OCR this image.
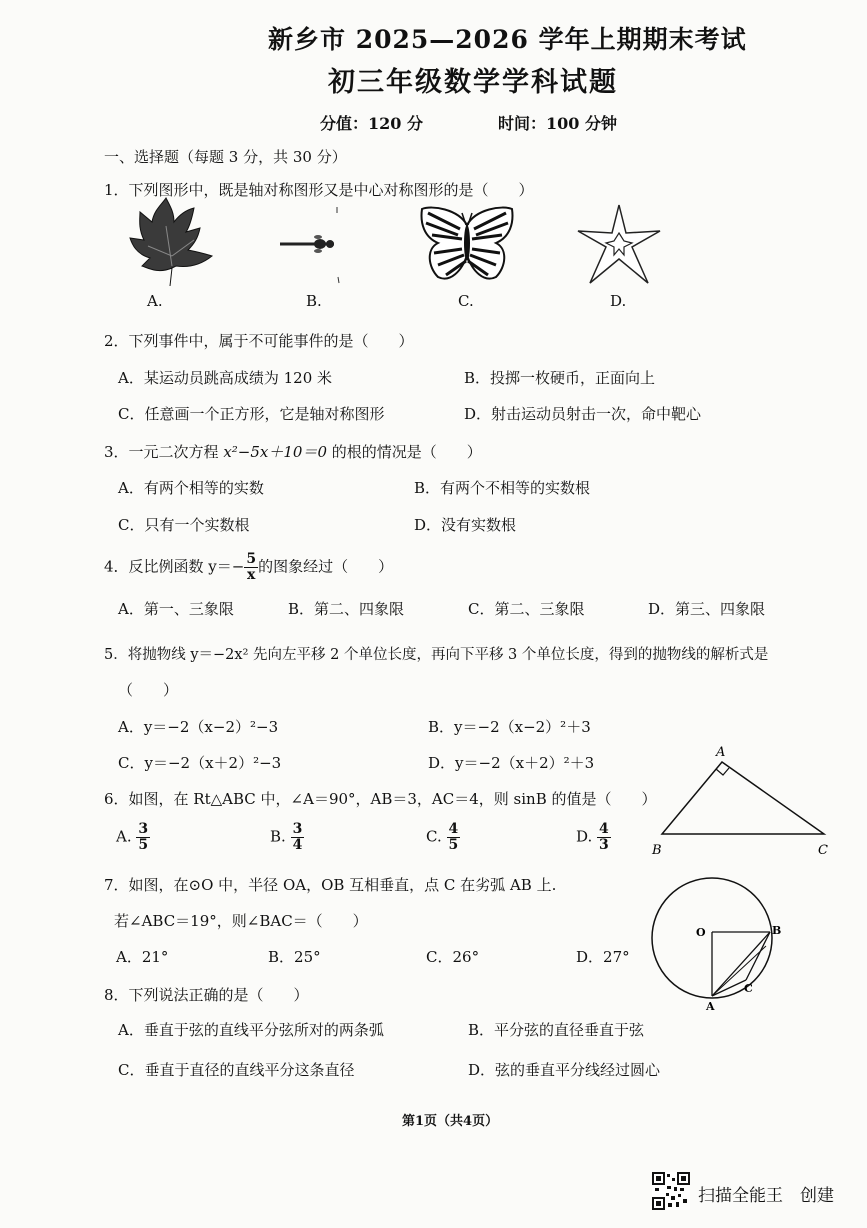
新乡市 2025—2026 学年上期期末考试
初三年级数学学科试题
分值：120 分	时间：100 分钟
一、选择题（每题 3 分，共 30 分）
1．下列图形中，既是轴对称图形又是中心对称图形的是（　　）
A.	B.	C.	D.
2．下列事件中，属于不可能事件的是（　　）
A．某运动员跳高成绩为 120 米	B．投掷一枚硬币，正面向上
C．任意画一个正方形，它是轴对称图形	D．射击运动员射击一次，命中靶心
3．一元二次方程 x²−5x＋10＝0 的根的情况是（　　）
A．有两个相等的实数	B．有两个不相等的实数根
C．只有一个实数根	D．没有实数根
4．反比例函数 $y=- \frac{5}{x}$ 的图象经过（　　）
A．第一、三象限	B．第二、四象限	C．第二、三象限	D．第三、四象限
5．将抛物线 y＝−2x² 先向左平移 2 个单位长度，再向下平移 3 个单位长度，得到的抛物线的解析式是
（　　）
A．y＝−2（x−2）²−3	B．y＝−2（x−2）²＋3
C．y＝−2（x＋2）²−3	D．y＝−2（x＋2）²＋3
6．如图，在 Rt△ABC 中，∠A＝90°，AB＝3，AC＝4，则 sinB 的值是（　　）
A. $\frac{3}{5}$	B. $\frac{3}{4}$	C. $\frac{4}{5}$	D. $\frac{4}{3}$
A
B	C
7．如图，在⊙O 中，半径 OA，OB 互相垂直，点 C 在劣弧 AB 上.
若∠ABC＝19°，则∠BAC＝（　　）
A．21°	B．25°	C．26°	D．27°
O	B
C
A
8．下列说法正确的是（　　）
A．垂直于弦的直线平分弦所对的两条弧	B．平分弦的直径垂直于弦
C．垂直于直径的直线平分这条直径	D．弦的垂直平分线经过圆心
第1页（共4页）
扫描全能王　创建
